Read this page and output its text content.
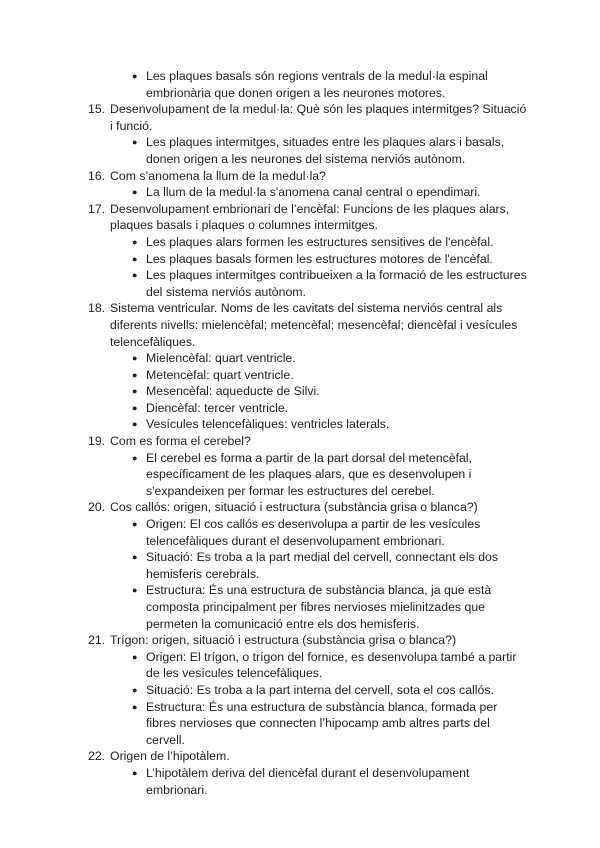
● Les plaques basals són regions ventrals de la medul·la espinal embrionària que donen origen a les neurones motores.
15. Desenvolupament de la medul·la: Què són les plaques intermitges? Situació i funció.
● Les plaques intermitges, situades entre les plaques alars i basals, donen origen a les neurones del sistema nerviós autònom.
16. Com s’anomena la llum de la medul·la?
● La llum de la medul·la s'anomena canal central o ependimari.
17. Desenvolupament embrionari de l’encèfal: Funcions de les plaques alars, plaques basals i plaques o columnes intermitges.
● Les plaques alars formen les estructures sensitives de l'encèfal.
● Les plaques basals formen les estructures motores de l'encèfal.
● Les plaques intermitges contribueixen a la formació de les estructures del sistema nerviós autònom.
18. Sistema ventricular. Noms de les cavitats del sistema nerviós central als diferents nivells: mielencèfal; metencèfal; mesencèfal; diencèfal i vesícules telencefàliques.
● Mielencèfal: quart ventricle.
● Metencèfal: quart ventricle.
● Mesencèfal: aqueducte de Silvi.
● Diencèfal: tercer ventricle.
● Vesícules telencefàliques: ventricles laterals.
19. Com es forma el cerebel?
● El cerebel es forma a partir de la part dorsal del metencèfal, específicament de les plaques alars, que es desenvolupen i s'expandeixen per formar les estructures del cerebel.
20. Cos callós: origen, situació i estructura (substància grisa o blanca?)
● Origen: El cos callós es desenvolupa a partir de les vesícules telencefàliques durant el desenvolupament embrionari.
● Situació: Es troba a la part medial del cervell, connectant els dos hemisferis cerebrals.
● Estructura: És una estructura de substància blanca, ja que està composta principalment per fibres nervioses mielinitzades que permeten la comunicació entre els dos hemisferis.
21. Trígon: origen, situació i estructura (substància grisa o blanca?)
● Origen: El trígon, o trígon del fornice, es desenvolupa també a partir de les vesícules telencefàliques.
● Situació: Es troba a la part interna del cervell, sota el cos callós.
● Estructura: És una estructura de substància blanca, formada per fibres nervioses que connecten l’hipocamp amb altres parts del cervell.
22. Origen de l’hipotàlem.
● L’hipotàlem deriva del diencèfal durant el desenvolupament embrionari.
